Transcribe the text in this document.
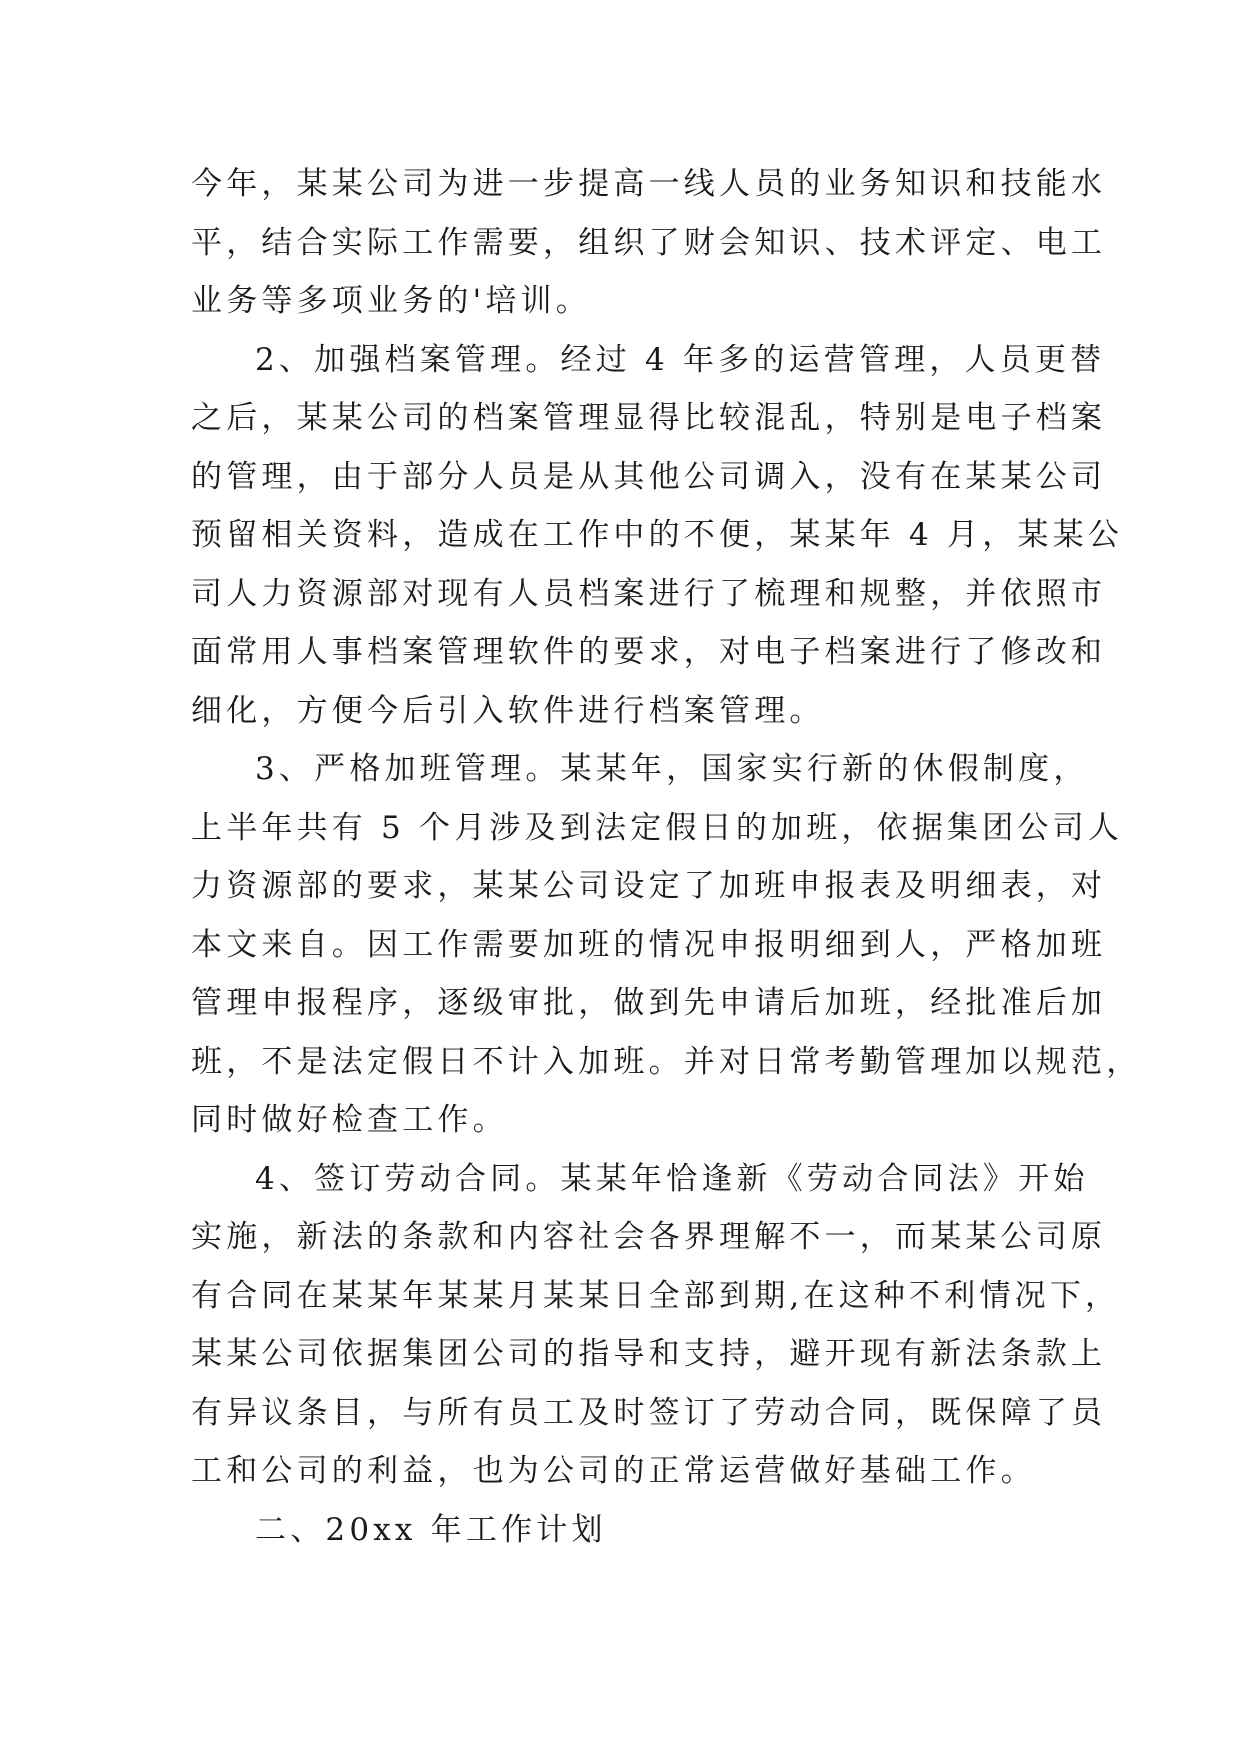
今年，某某公司为进一步提高一线人员的业务知识和技能水
平，结合实际工作需要，组织了财会知识、技术评定、电工
业务等多项业务的'培训。

2、加强档案管理。经过 4 年多的运营管理，人员更替
之后，某某公司的档案管理显得比较混乱，特别是电子档案
的管理，由于部分人员是从其他公司调入，没有在某某公司
预留相关资料，造成在工作中的不便，某某年 4 月，某某公
司人力资源部对现有人员档案进行了梳理和规整，并依照市
面常用人事档案管理软件的要求，对电子档案进行了修改和
细化，方便今后引入软件进行档案管理。

3、严格加班管理。某某年，国家实行新的休假制度，
上半年共有 5 个月涉及到法定假日的加班，依据集团公司人
力资源部的要求，某某公司设定了加班申报表及明细表，对
本文来自。因工作需要加班的情况申报明细到人，严格加班
管理申报程序，逐级审批，做到先申请后加班，经批准后加
班，不是法定假日不计入加班。并对日常考勤管理加以规范，
同时做好检查工作。

4、签订劳动合同。某某年恰逢新《劳动合同法》开始
实施，新法的条款和内容社会各界理解不一，而某某公司原
有合同在某某年某某月某某日全部到期,在这种不利情况下，
某某公司依据集团公司的指导和支持，避开现有新法条款上
有异议条目，与所有员工及时签订了劳动合同，既保障了员
工和公司的利益，也为公司的正常运营做好基础工作。

二、20xx 年工作计划
